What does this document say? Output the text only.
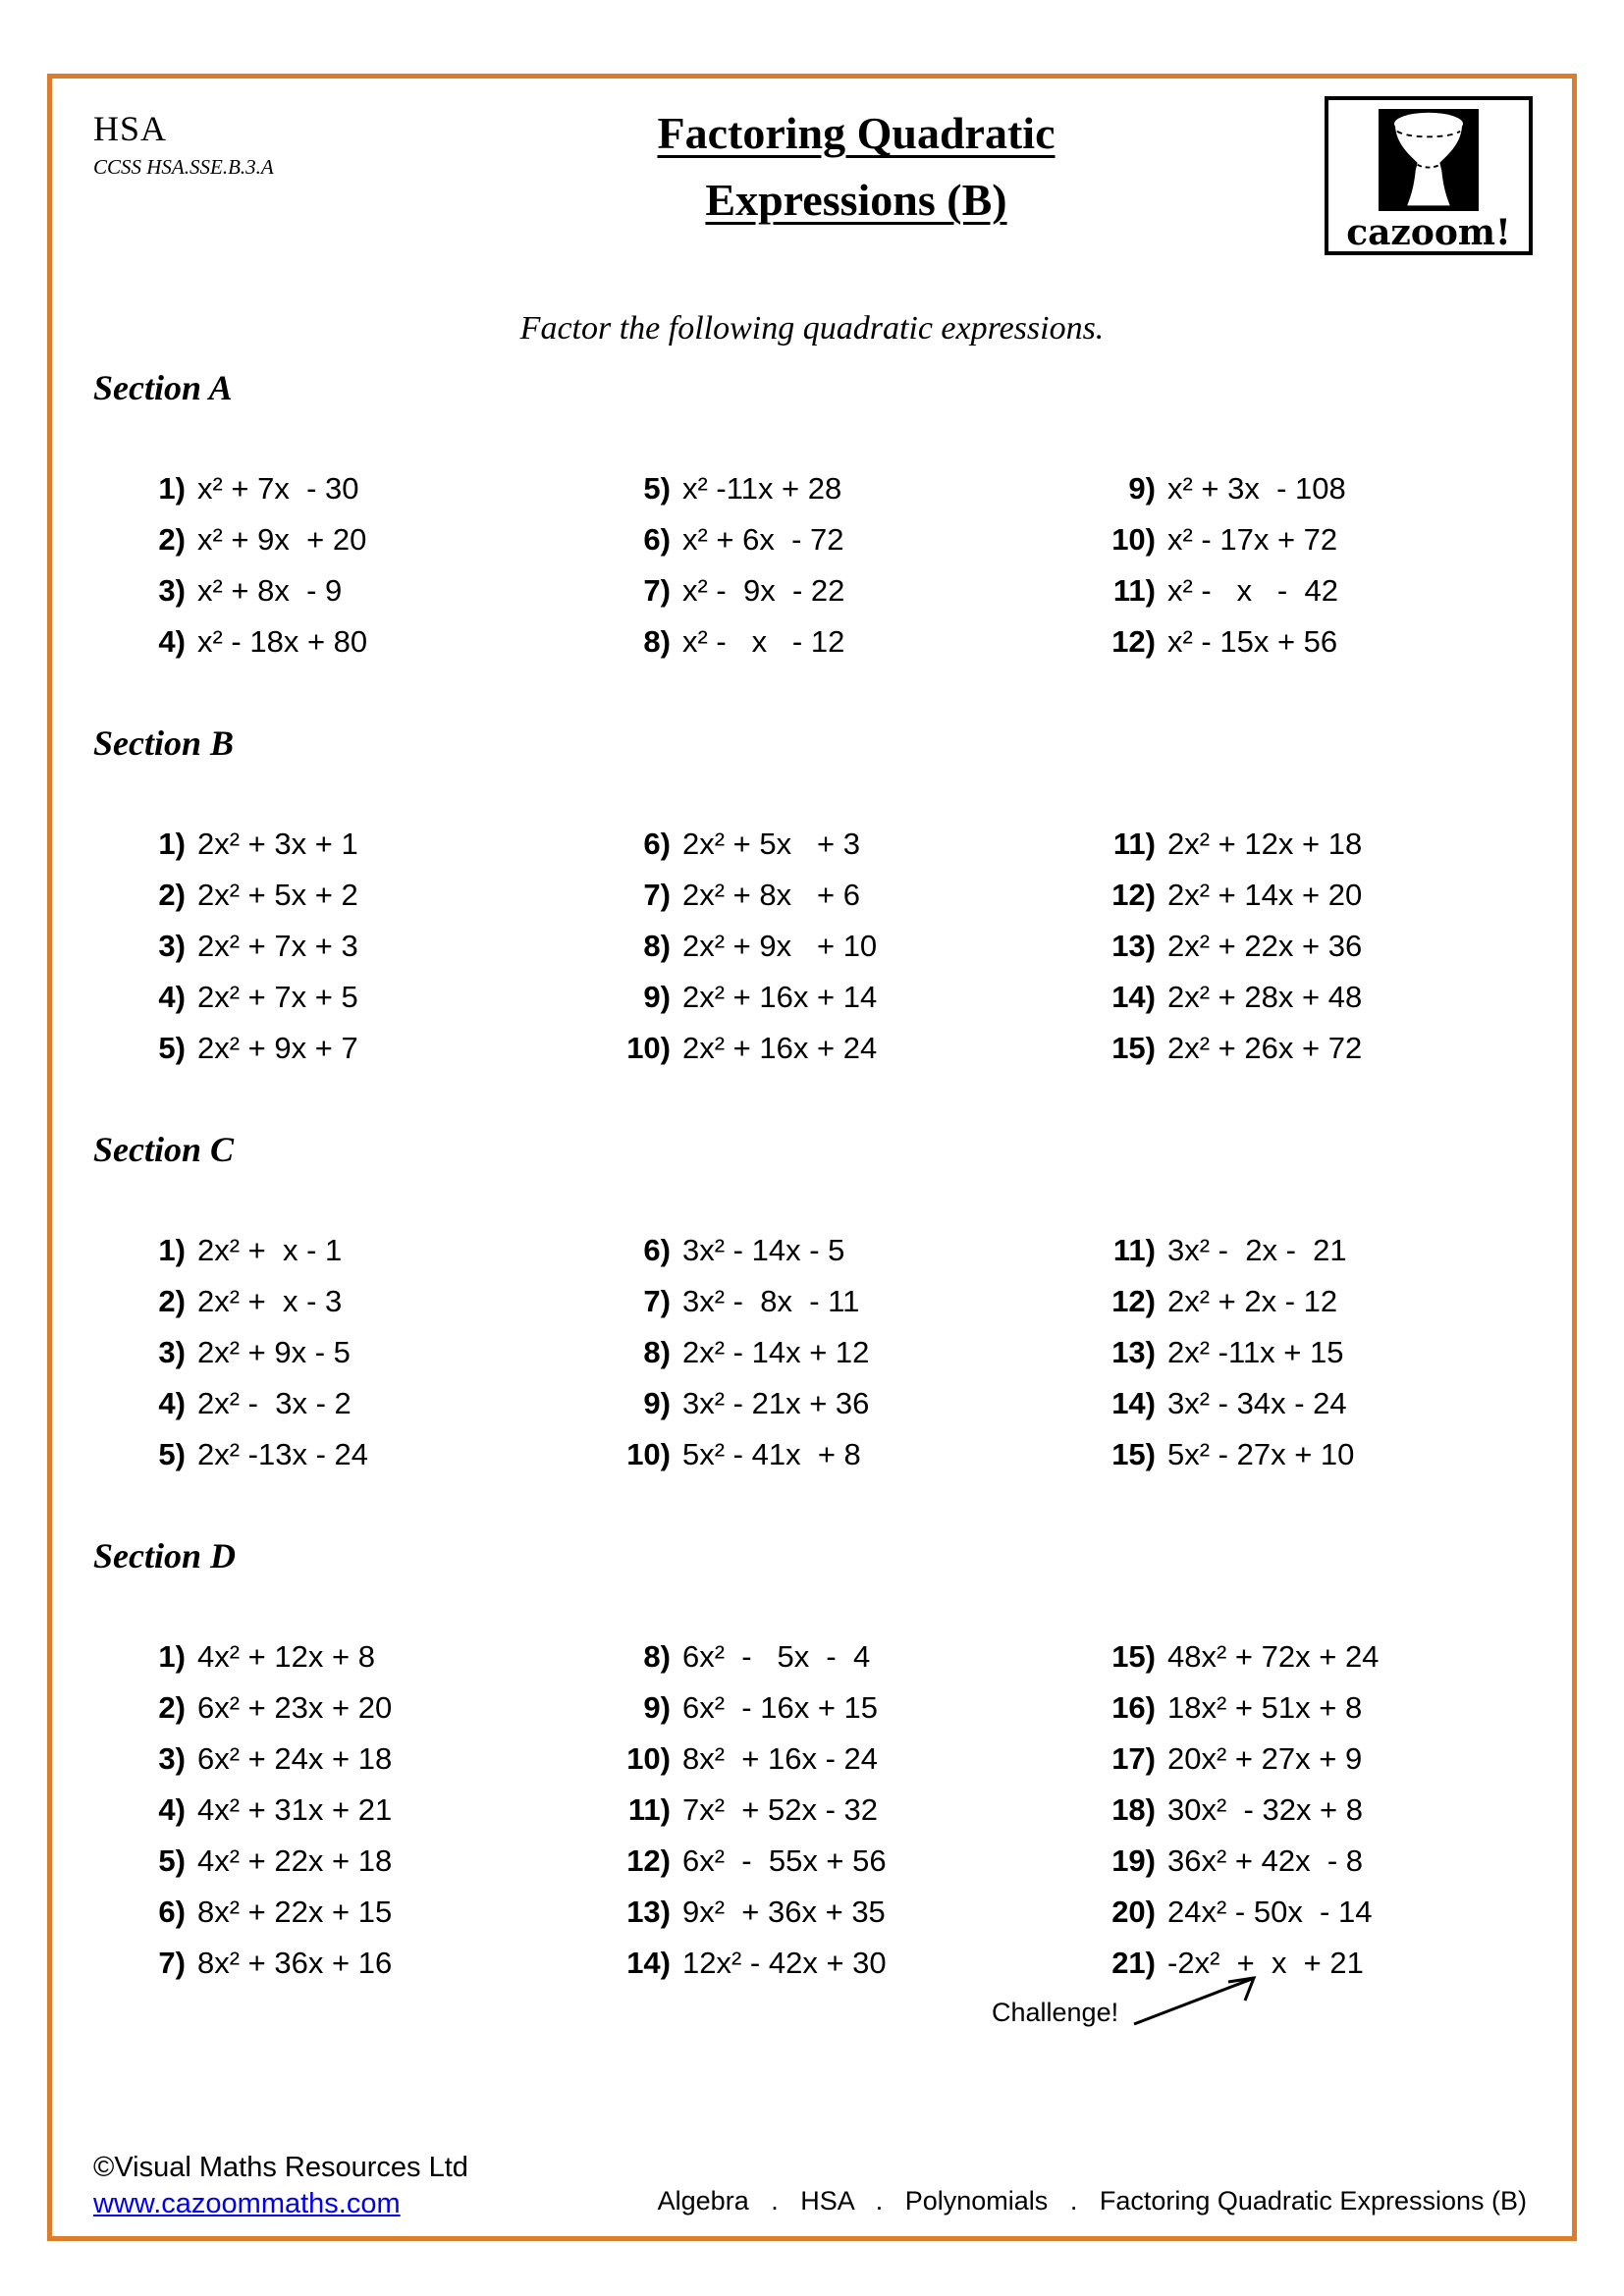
HSA
CCSS HSA.SSE.B.3.A
Factoring Quadratic
Expressions (B)
cazoom!
Factor the following quadratic expressions.
Section A
1) x² + 7x  - 30
2) x² + 9x  + 20
3) x² + 8x  - 9
4) x² - 18x + 80
5) x² -11x + 28
6) x² + 6x  - 72
7) x² -  9x  - 22
8) x² -   x   - 12
9) x² + 3x  - 108
10) x² - 17x + 72
11) x² -   x   -  42
12) x² - 15x + 56
Section B
1) 2x² + 3x + 1
2) 2x² + 5x + 2
3) 2x² + 7x + 3
4) 2x² + 7x + 5
5) 2x² + 9x + 7
6) 2x² + 5x   + 3
7) 2x² + 8x   + 6
8) 2x² + 9x   + 10
9) 2x² + 16x + 14
10) 2x² + 16x + 24
11) 2x² + 12x + 18
12) 2x² + 14x + 20
13) 2x² + 22x + 36
14) 2x² + 28x + 48
15) 2x² + 26x + 72
Section C
1) 2x² +  x - 1
2) 2x² +  x - 3
3) 2x² + 9x - 5
4) 2x² -  3x - 2
5) 2x² -13x - 24
6) 3x² - 14x - 5
7) 3x² -  8x  - 11
8) 2x² - 14x + 12
9) 3x² - 21x + 36
10) 5x² - 41x  + 8
11) 3x² -  2x -  21
12) 2x² + 2x - 12
13) 2x² -11x + 15
14) 3x² - 34x - 24
15) 5x² - 27x + 10
Section D
1) 4x² + 12x + 8
2) 6x² + 23x + 20
3) 6x² + 24x + 18
4) 4x² + 31x + 21
5) 4x² + 22x + 18
6) 8x² + 22x + 15
7) 8x² + 36x + 16
8) 6x²  -   5x  -  4
9) 6x²  - 16x + 15
10) 8x²  + 16x - 24
11) 7x²  + 52x - 32
12) 6x²  -  55x + 56
13) 9x²  + 36x + 35
14) 12x² - 42x + 30
15) 48x² + 72x + 24
16) 18x² + 51x + 8
17) 20x² + 27x + 9
18) 30x²  - 32x + 8
19) 36x² + 42x  - 8
20) 24x² - 50x  - 14
21) -2x²  +  x  + 21
Challenge!
©Visual Maths Resources Ltd
www.cazoommaths.com	Algebra   .   HSA   .   Polynomials   .   Factoring Quadratic Expressions (B)
